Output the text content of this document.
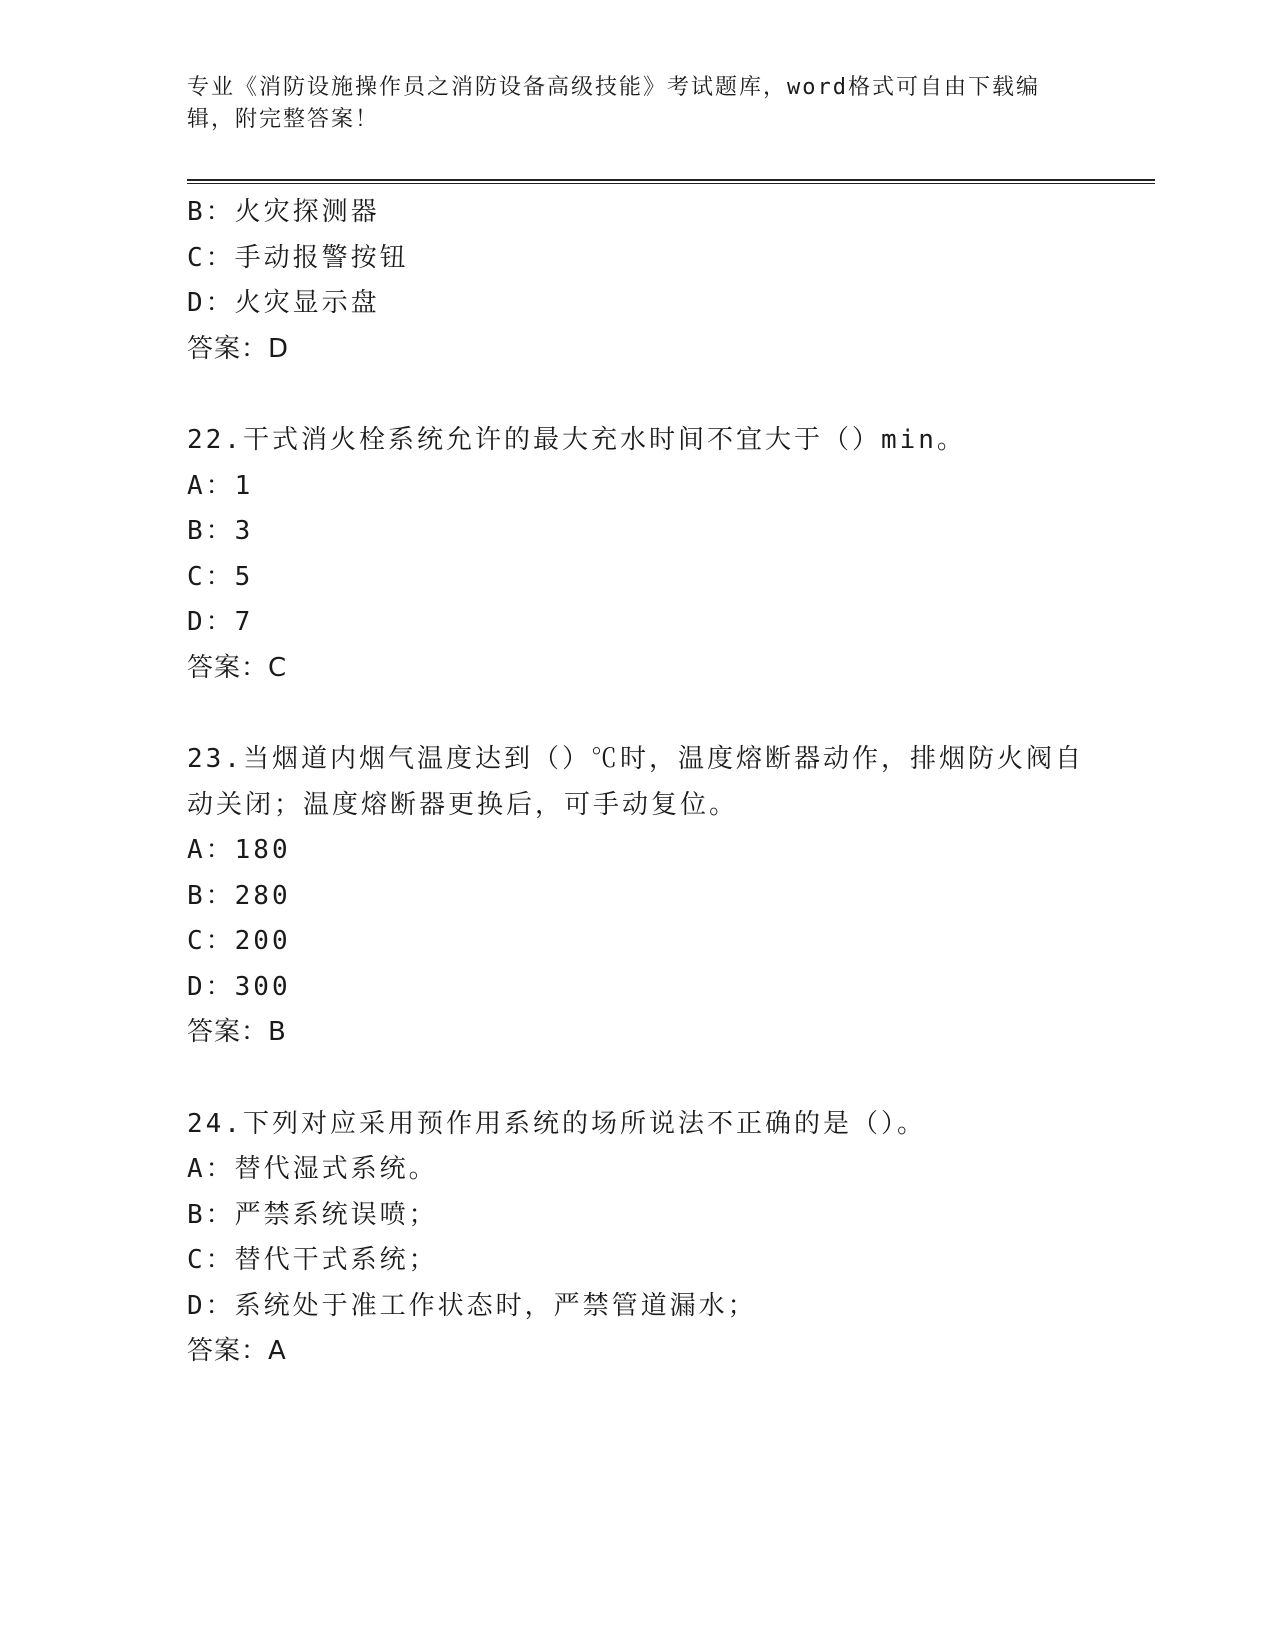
专业《消防设施操作员之消防设备高级技能》考试题库，word格式可自由下载编辑，附完整答案！
B：火灾探测器
C：手动报警按钮
D：火灾显示盘
答案：D
22.干式消火栓系统允许的最大充水时间不宜大于（）min。
A：1
B：3
C：5
D：7
答案：C
23.当烟道内烟气温度达到（）℃时，温度熔断器动作，排烟防火阀自动关闭；温度熔断器更换后，可手动复位。
A：180
B：280
C：200
D：300
答案：B
24.下列对应采用预作用系统的场所说法不正确的是（）。
A：替代湿式系统。
B：严禁系统误喷；
C：替代干式系统；
D：系统处于准工作状态时，严禁管道漏水；
答案：A
